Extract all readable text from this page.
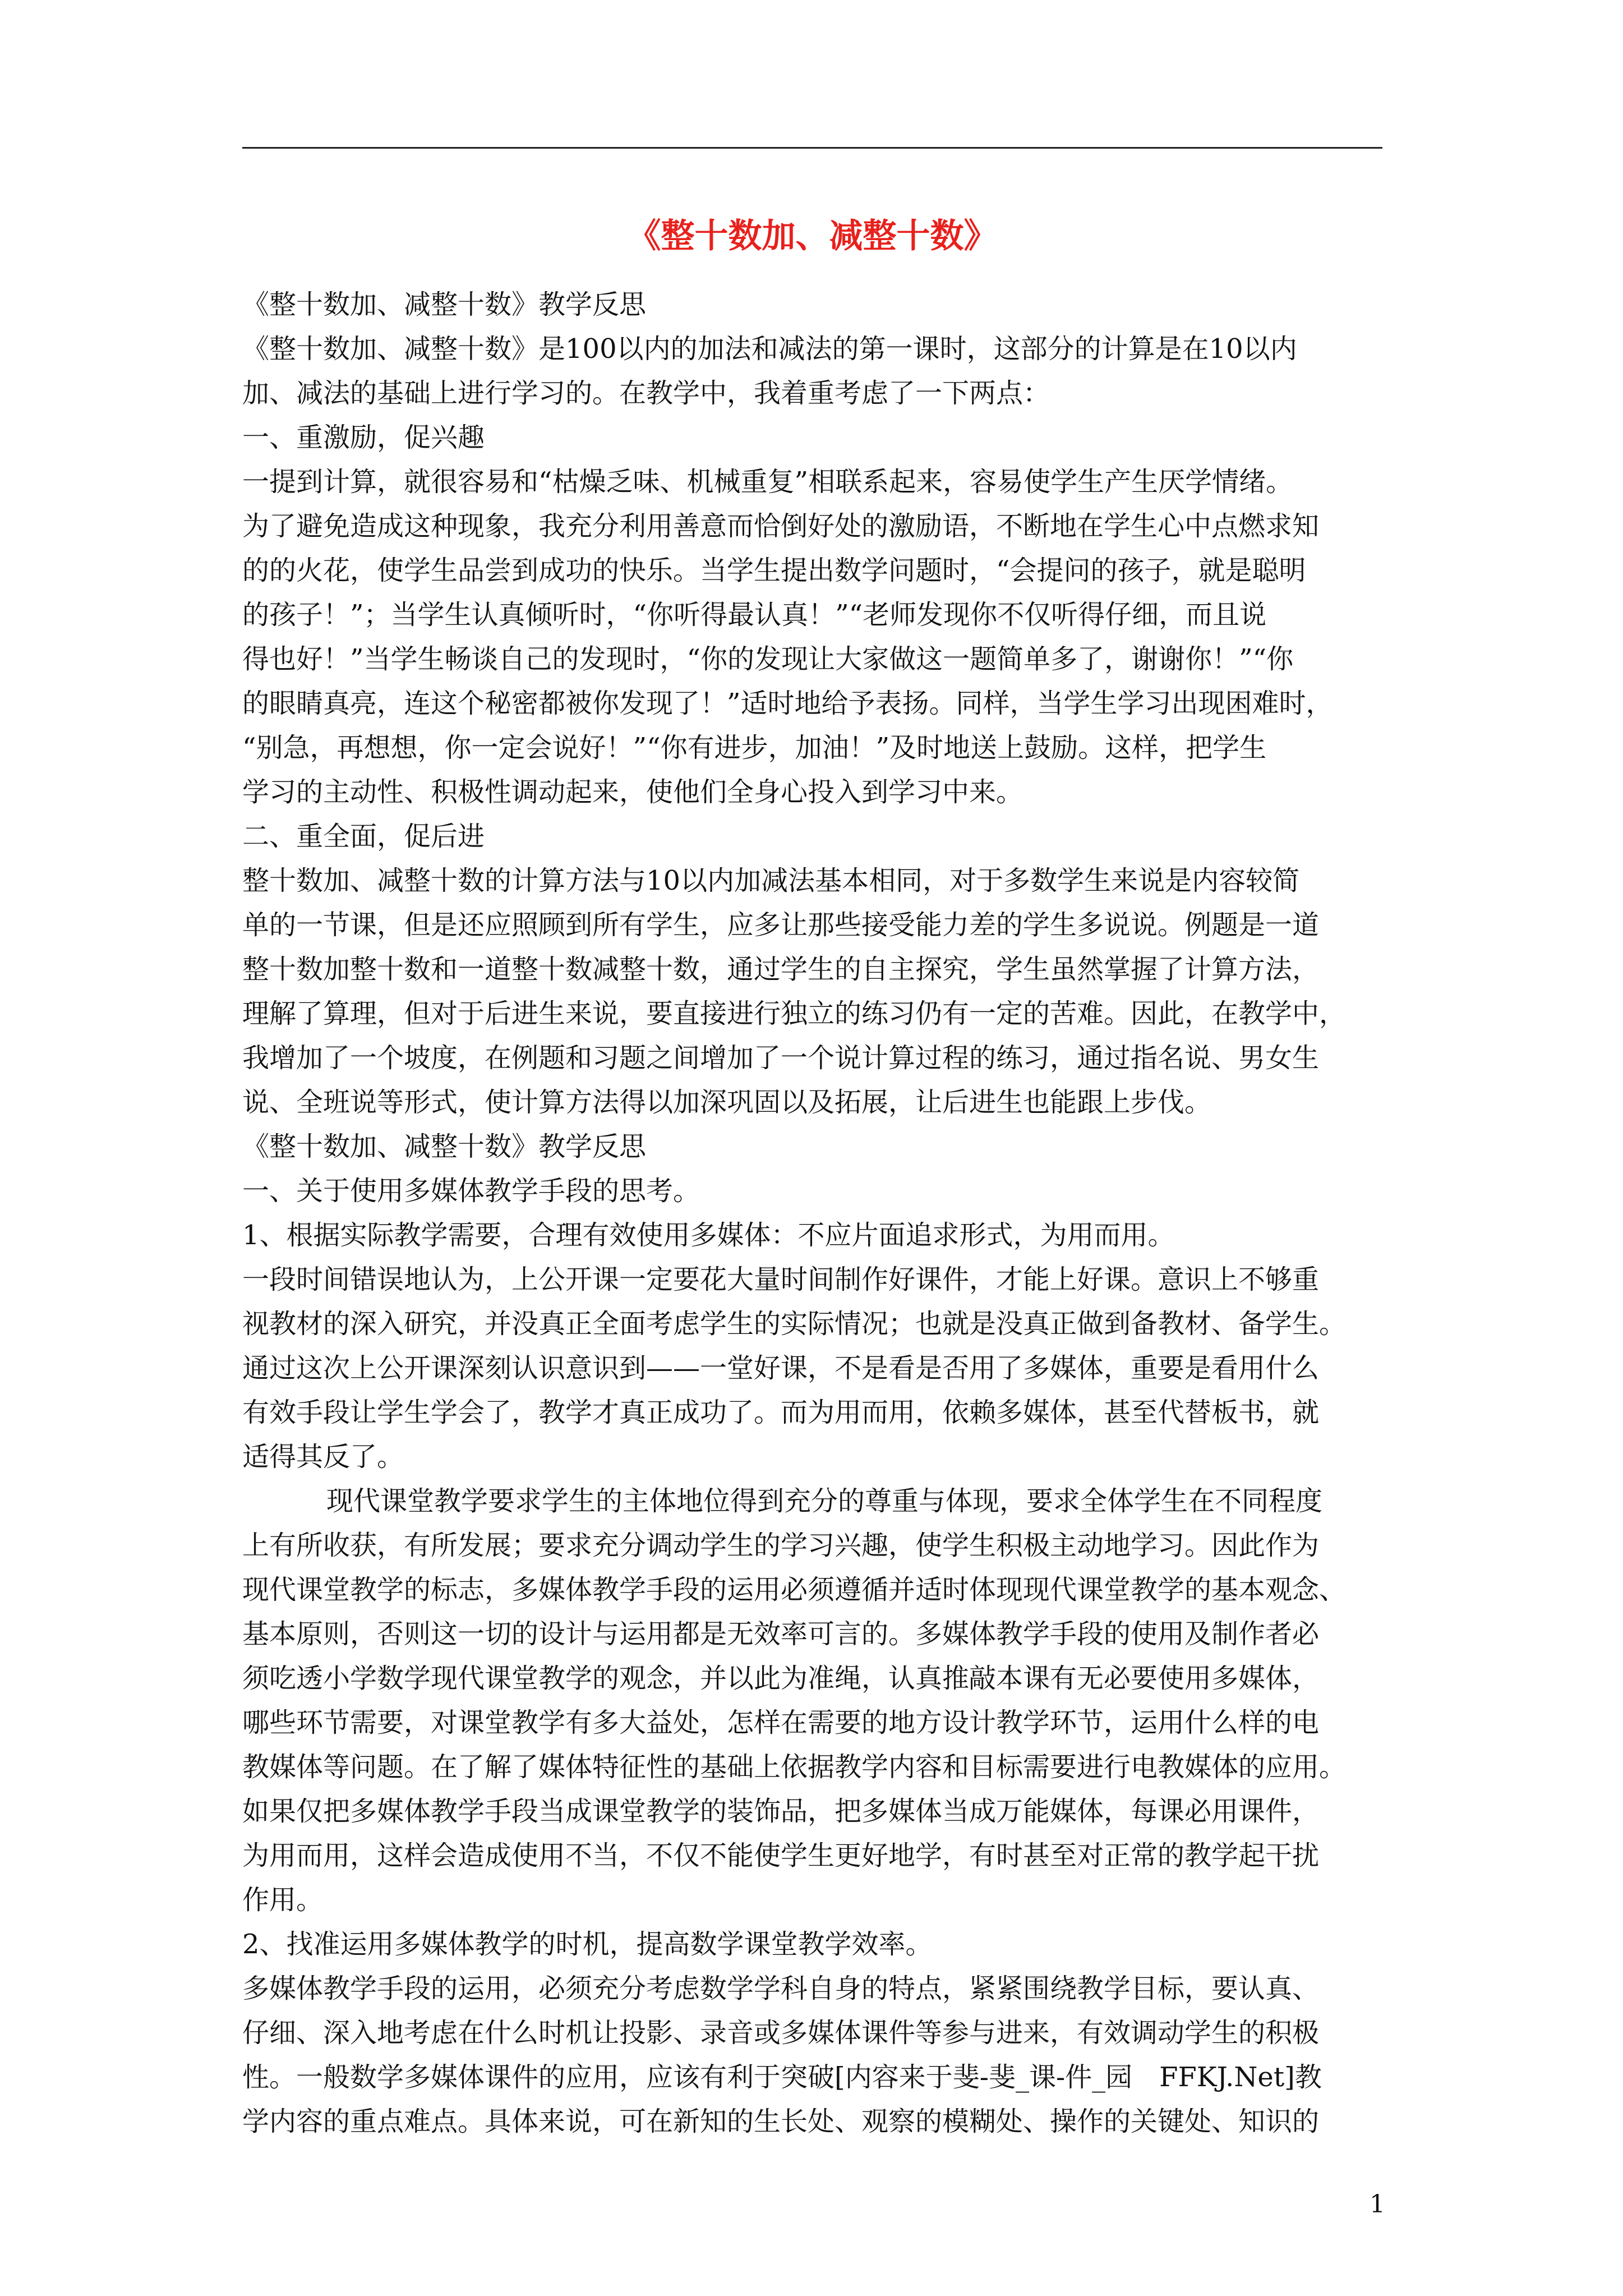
《整十数加、减整十数》
《整十数加、减整十数》教学反思
《整十数加、减整十数》是100以内的加法和减法的第一课时，这部分的计算是在10以内
加、减法的基础上进行学习的。在教学中，我着重考虑了一下两点：
一、重激励，促兴趣
一提到计算，就很容易和“枯燥乏味、机械重复”相联系起来，容易使学生产生厌学情绪。
为了避免造成这种现象，我充分利用善意而恰倒好处的激励语，不断地在学生心中点燃求知
的的火花，使学生品尝到成功的快乐。当学生提出数学问题时，“会提问的孩子，就是聪明
的孩子！”；当学生认真倾听时，“你听得最认真！”“老师发现你不仅听得仔细，而且说
得也好！”当学生畅谈自己的发现时，“你的发现让大家做这一题简单多了，谢谢你！”“你
的眼睛真亮，连这个秘密都被你发现了！”适时地给予表扬。同样，当学生学习出现困难时，
“别急，再想想，你一定会说好！”“你有进步，加油！”及时地送上鼓励。这样，把学生
学习的主动性、积极性调动起来，使他们全身心投入到学习中来。
二、重全面，促后进
整十数加、减整十数的计算方法与10以内加减法基本相同，对于多数学生来说是内容较简
单的一节课，但是还应照顾到所有学生，应多让那些接受能力差的学生多说说。例题是一道
整十数加整十数和一道整十数减整十数，通过学生的自主探究，学生虽然掌握了计算方法，
理解了算理，但对于后进生来说，要直接进行独立的练习仍有一定的苦难。因此，在教学中，
我增加了一个坡度，在例题和习题之间增加了一个说计算过程的练习，通过指名说、男女生
说、全班说等形式，使计算方法得以加深巩固以及拓展，让后进生也能跟上步伐。
《整十数加、减整十数》教学反思
一、关于使用多媒体教学手段的思考。
1、根据实际教学需要，合理有效使用多媒体：不应片面追求形式，为用而用。
一段时间错误地认为，上公开课一定要花大量时间制作好课件，才能上好课。意识上不够重
视教材的深入研究，并没真正全面考虑学生的实际情况；也就是没真正做到备教材、备学生。
通过这次上公开课深刻认识意识到——一堂好课，不是看是否用了多媒体，重要是看用什么
有效手段让学生学会了，教学才真正成功了。而为用而用，依赖多媒体，甚至代替板书，就
适得其反了。
现代课堂教学要求学生的主体地位得到充分的尊重与体现，要求全体学生在不同程度
上有所收获，有所发展；要求充分调动学生的学习兴趣，使学生积极主动地学习。因此作为
现代课堂教学的标志，多媒体教学手段的运用必须遵循并适时体现现代课堂教学的基本观念、
基本原则，否则这一切的设计与运用都是无效率可言的。多媒体教学手段的使用及制作者必
须吃透小学数学现代课堂教学的观念，并以此为准绳，认真推敲本课有无必要使用多媒体，
哪些环节需要，对课堂教学有多大益处，怎样在需要的地方设计教学环节，运用什么样的电
教媒体等问题。在了解了媒体特征性的基础上依据教学内容和目标需要进行电教媒体的应用。
如果仅把多媒体教学手段当成课堂教学的装饰品，把多媒体当成万能媒体，每课必用课件，
为用而用，这样会造成使用不当，不仅不能使学生更好地学，有时甚至对正常的教学起干扰
作用。
2、找准运用多媒体教学的时机，提高数学课堂教学效率。
多媒体教学手段的运用，必须充分考虑数学学科自身的特点，紧紧围绕教学目标，要认真、
仔细、深入地考虑在什么时机让投影、录音或多媒体课件等参与进来，有效调动学生的积极
性。一般数学多媒体课件的应用，应该有利于突破[内容来于斐-斐_课-件_园　FFKJ.Net]教
学内容的重点难点。具体来说，可在新知的生长处、观察的模糊处、操作的关键处、知识的
1
